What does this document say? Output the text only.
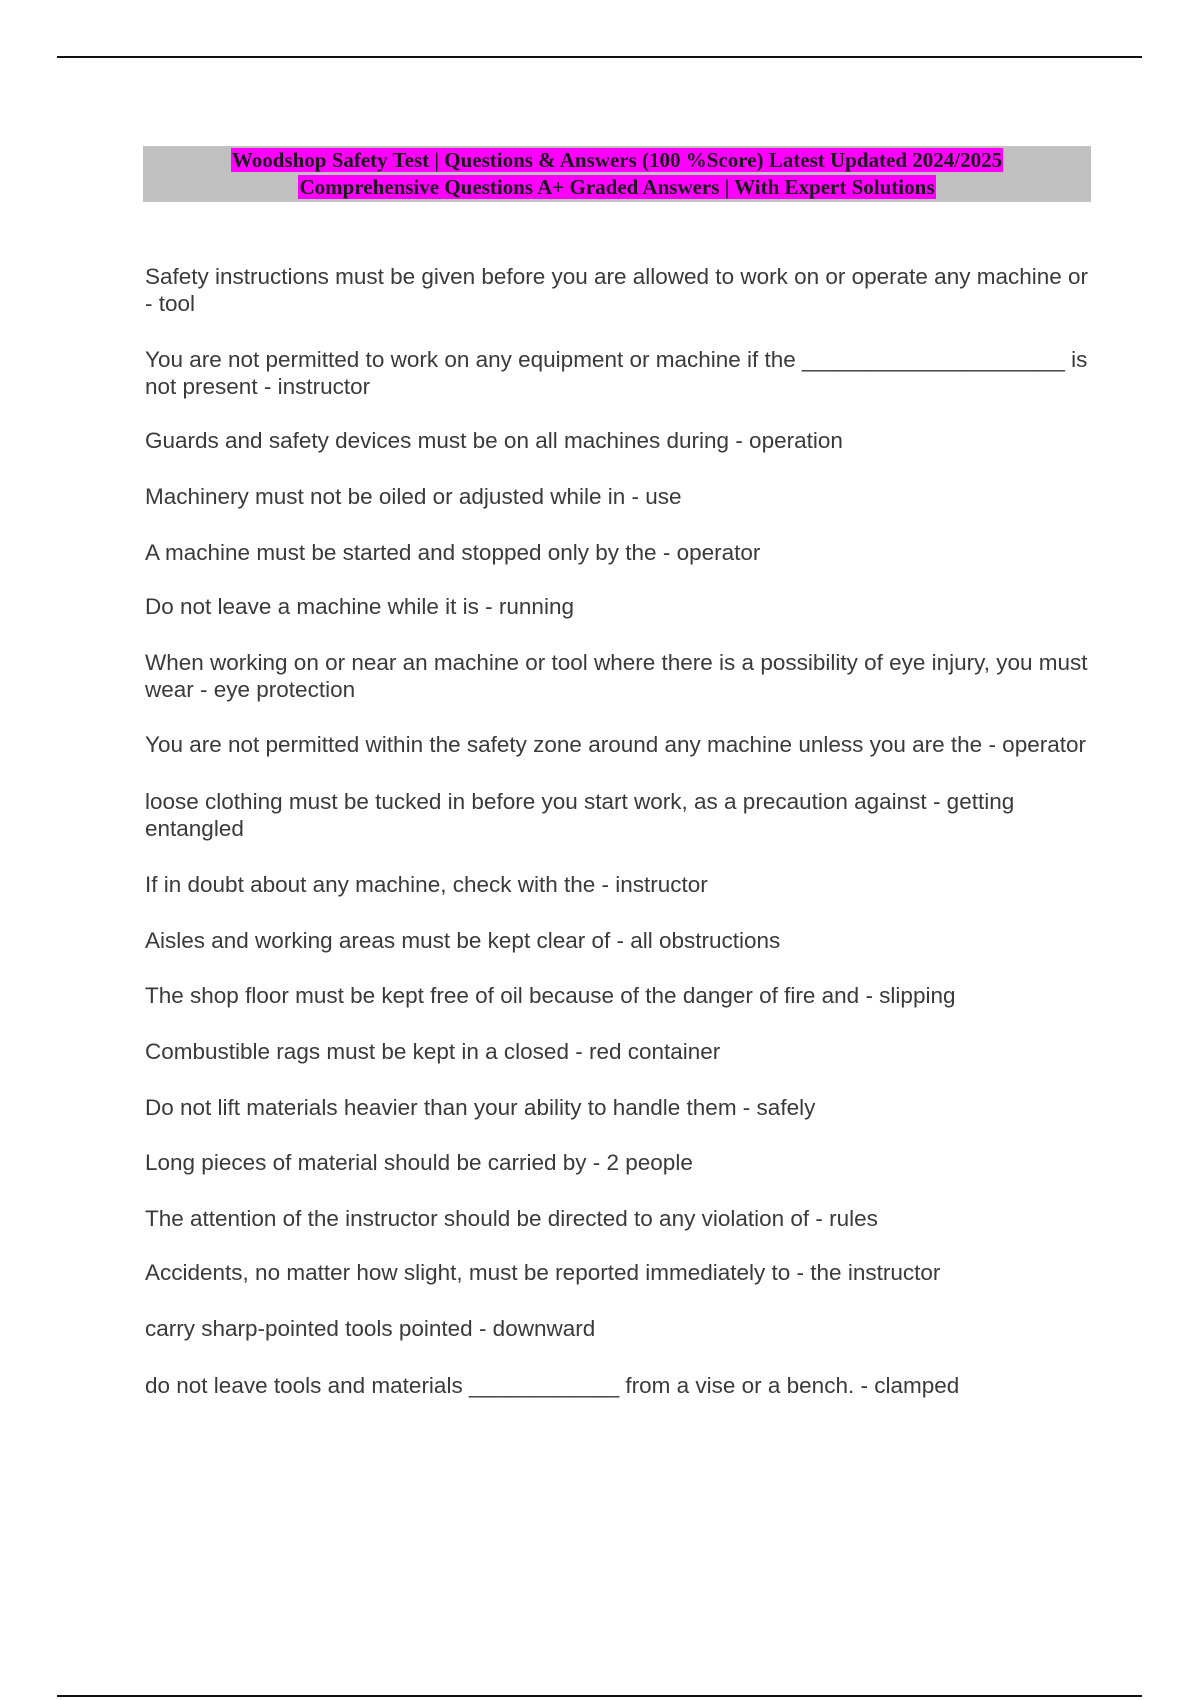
Woodshop Safety Test | Questions & Answers (100 %Score) Latest Updated 2024/2025
Comprehensive Questions A+ Graded Answers | With Expert Solutions

Safety instructions must be given before you are allowed to work on or operate any machine or - tool

You are not permitted to work on any equipment or machine if the _____________________ is not present - instructor

Guards and safety devices must be on all machines during - operation

Machinery must not be oiled or adjusted while in - use

A machine must be started and stopped only by the - operator

Do not leave a machine while it is - running

When working on or near an machine or tool where there is a possibility of eye injury, you must wear - eye protection

You are not permitted within the safety zone around any machine unless you are the - operator

loose clothing must be tucked in before you start work, as a precaution against - getting entangled

If in doubt about any machine, check with the - instructor

Aisles and working areas must be kept clear of - all obstructions

The shop floor must be kept free of oil because of the danger of fire and - slipping

Combustible rags must be kept in a closed - red container

Do not lift materials heavier than your ability to handle them - safely

Long pieces of material should be carried by - 2 people

The attention of the instructor should be directed to any violation of - rules

Accidents, no matter how slight, must be reported immediately to - the instructor

carry sharp-pointed tools pointed - downward

do not leave tools and materials ____________ from a vise or a bench. - clamped
